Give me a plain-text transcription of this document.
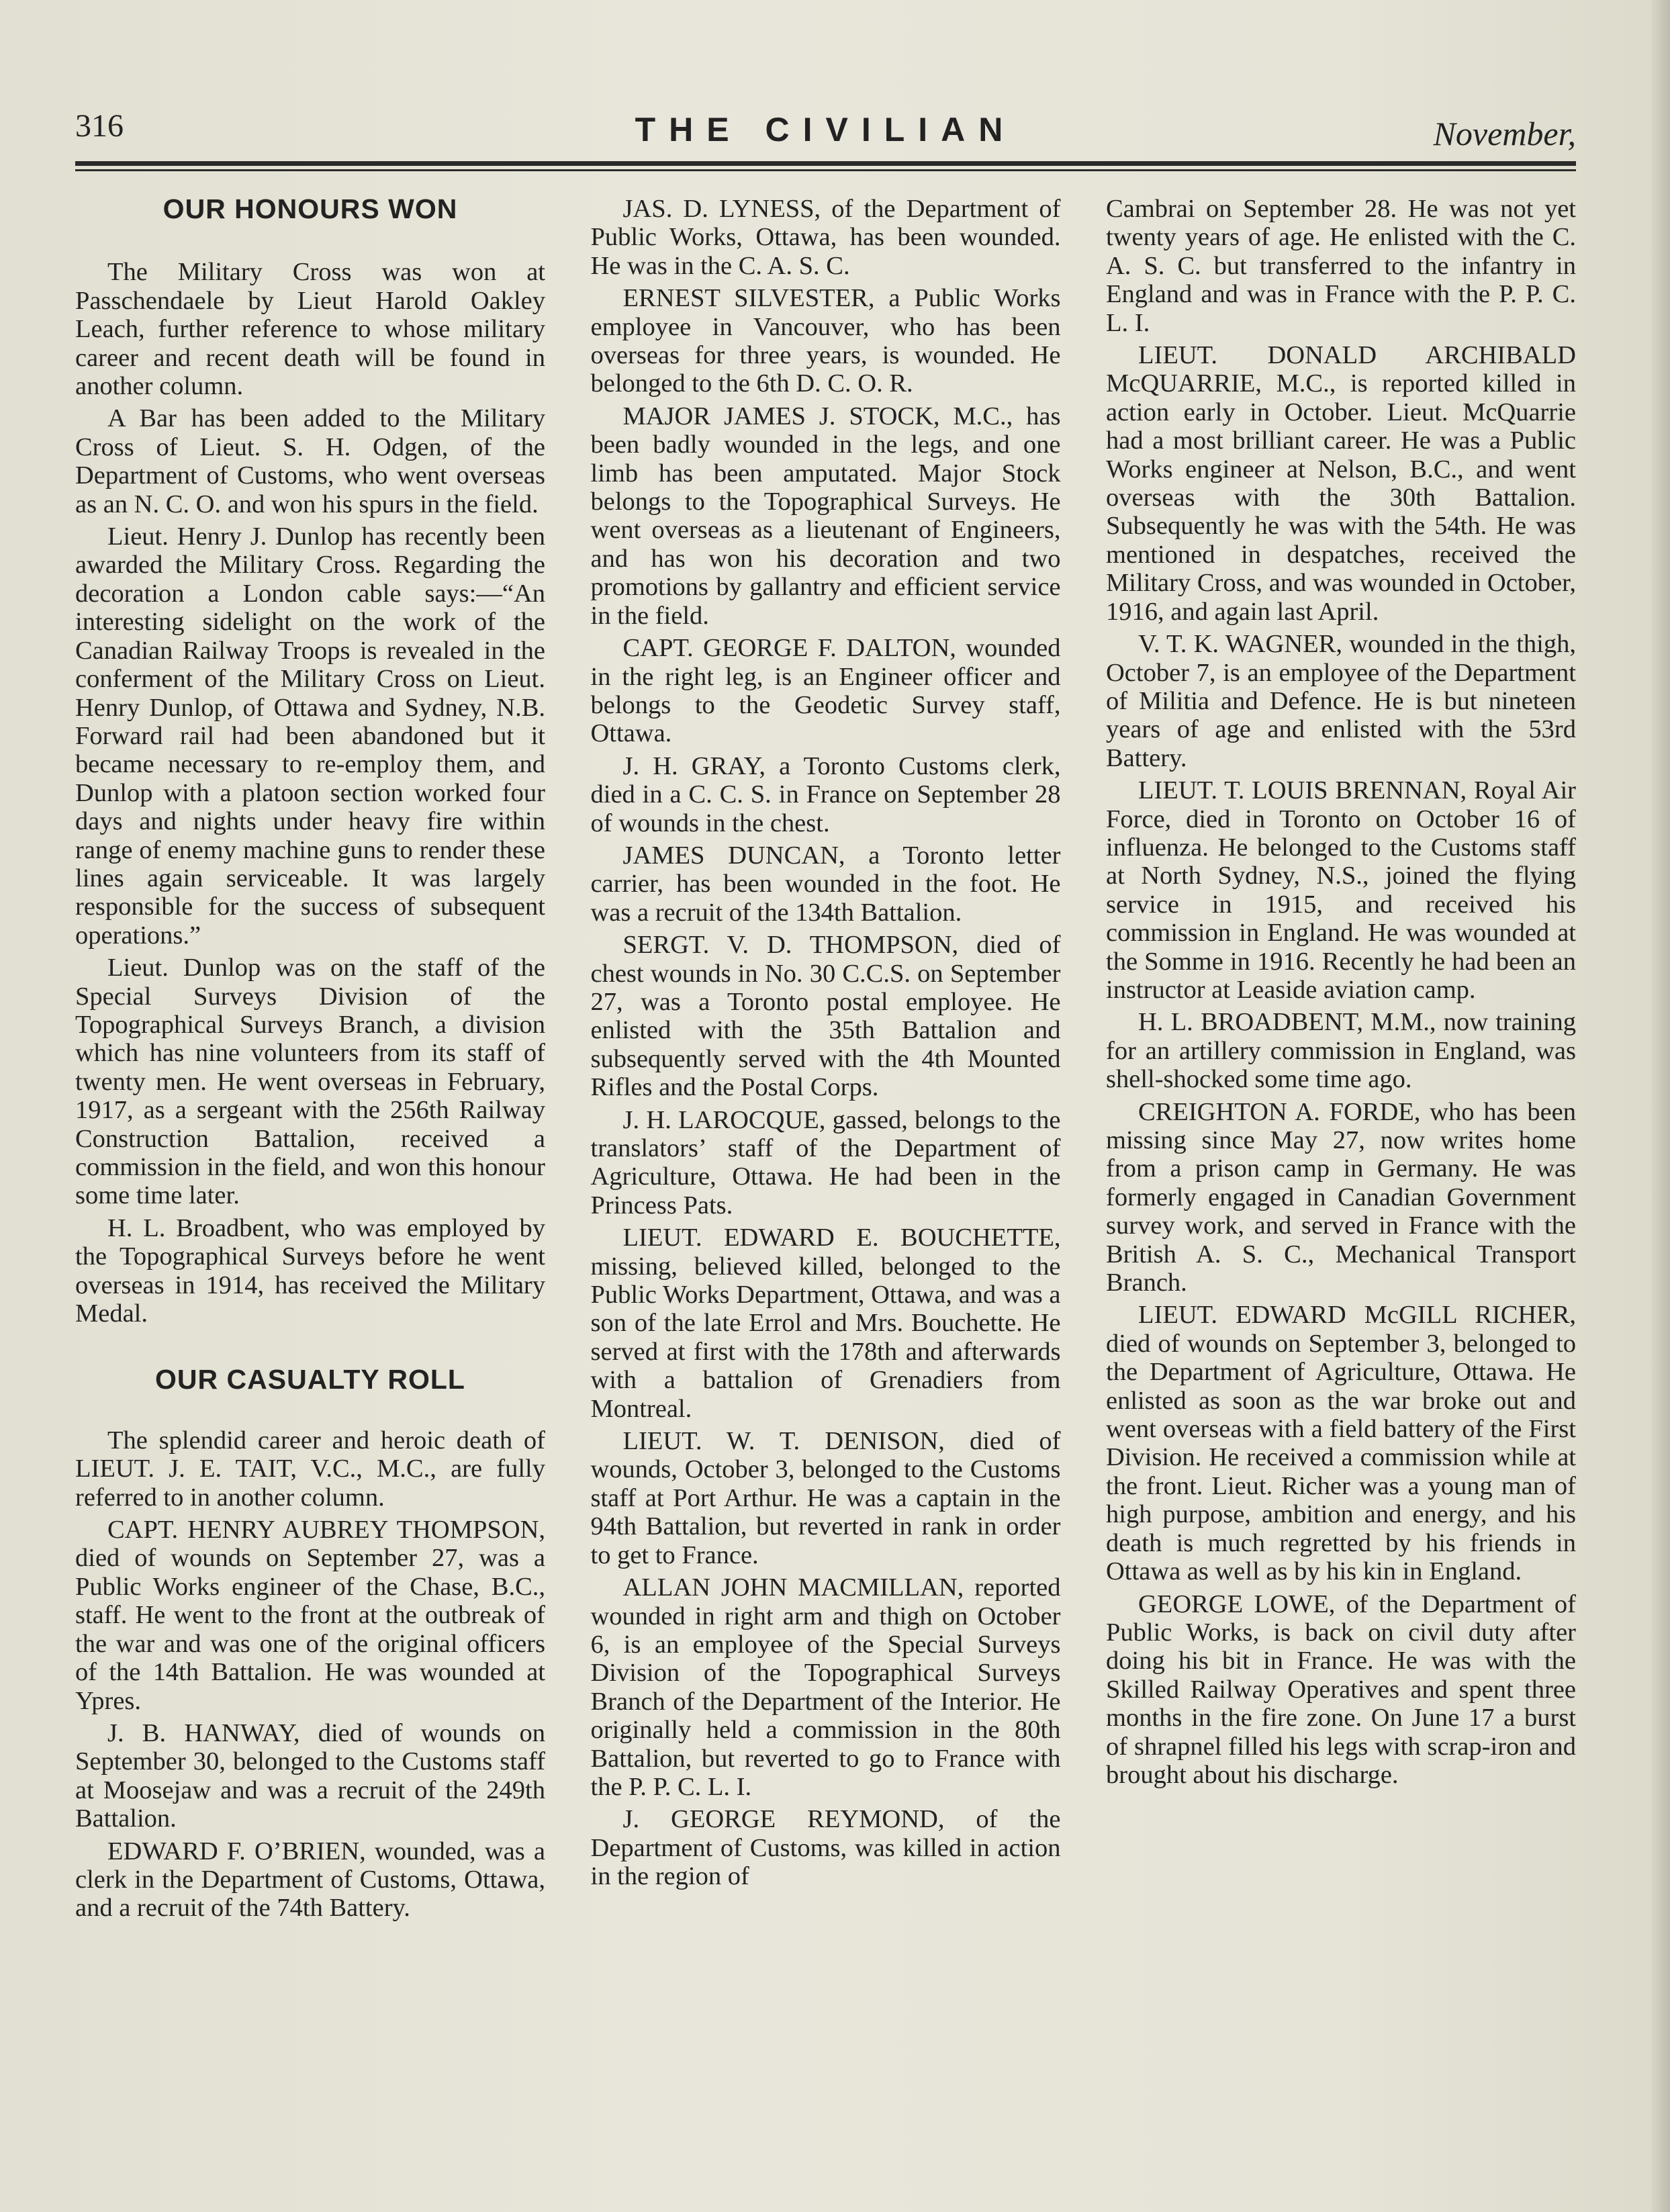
316	THE CIVILIAN	November,
OUR HONOURS WON

The Military Cross was won at Passchendaele by Lieut Harold Oakley Leach, further reference to whose military career and recent death will be found in another column.

A Bar has been added to the Military Cross of Lieut. S. H. Odgen, of the Department of Customs, who went overseas as an N. C. O. and won his spurs in the field.

Lieut. Henry J. Dunlop has recently been awarded the Military Cross. Regarding the decoration a London cable says:—“An interesting sidelight on the work of the Canadian Railway Troops is revealed in the conferment of the Military Cross on Lieut. Henry Dunlop, of Ottawa and Sydney, N.B. Forward rail had been abandoned but it became necessary to re-employ them, and Dunlop with a platoon section worked four days and nights under heavy fire within range of enemy machine guns to render these lines again serviceable. It was largely responsible for the success of subsequent operations.”

Lieut. Dunlop was on the staff of the Special Surveys Division of the Topographical Surveys Branch, a division which has nine volunteers from its staff of twenty men. He went overseas in February, 1917, as a sergeant with the 256th Railway Construction Battalion, received a commission in the field, and won this honour some time later.

H. L. Broadbent, who was employed by the Topographical Surveys before he went overseas in 1914, has received the Military Medal.

OUR CASUALTY ROLL

The splendid career and heroic death of LIEUT. J. E. TAIT, V.C., M.C., are fully referred to in another column.

CAPT. HENRY AUBREY THOMPSON, died of wounds on September 27, was a Public Works engineer of the Chase, B.C., staff. He went to the front at the outbreak of the war and was one of the original officers of the 14th Battalion. He was wounded at Ypres.

J. B. HANWAY, died of wounds on September 30, belonged to the Customs staff at Moosejaw and was a recruit of the 249th Battalion.

EDWARD F. O’BRIEN, wounded, was a clerk in the Department of Customs, Ottawa, and a recruit of the 74th Battery.

JAS. D. LYNESS, of the Department of Public Works, Ottawa, has been wounded. He was in the C. A. S. C.

ERNEST SILVESTER, a Public Works employee in Vancouver, who has been overseas for three years, is wounded. He belonged to the 6th D. C. O. R.

MAJOR JAMES J. STOCK, M.C., has been badly wounded in the legs, and one limb has been amputated. Major Stock belongs to the Topographical Surveys. He went overseas as a lieutenant of Engineers, and has won his decoration and two promotions by gallantry and efficient service in the field.

CAPT. GEORGE F. DALTON, wounded in the right leg, is an Engineer officer and belongs to the Geodetic Survey staff, Ottawa.

J. H. GRAY, a Toronto Customs clerk, died in a C. C. S. in France on September 28 of wounds in the chest.

JAMES DUNCAN, a Toronto letter carrier, has been wounded in the foot. He was a recruit of the 134th Battalion.

SERGT. V. D. THOMPSON, died of chest wounds in No. 30 C.C.S. on September 27, was a Toronto postal employee. He enlisted with the 35th Battalion and subsequently served with the 4th Mounted Rifles and the Postal Corps.

J. H. LAROCQUE, gassed, belongs to the translators’ staff of the Department of Agriculture, Ottawa. He had been in the Princess Pats.

LIEUT. EDWARD E. BOUCHETTE, missing, believed killed, belonged to the Public Works Department, Ottawa, and was a son of the late Errol and Mrs. Bouchette. He served at first with the 178th and afterwards with a battalion of Grenadiers from Montreal.

LIEUT. W. T. DENISON, died of wounds, October 3, belonged to the Customs staff at Port Arthur. He was a captain in the 94th Battalion, but reverted in rank in order to get to France.

ALLAN JOHN MACMILLAN, reported wounded in right arm and thigh on October 6, is an employee of the Special Surveys Division of the Topographical Surveys Branch of the Department of the Interior. He originally held a commission in the 80th Battalion, but reverted to go to France with the P. P. C. L. I.

J. GEORGE REYMOND, of the Department of Customs, was killed in action in the region of

Cambrai on September 28. He was not yet twenty years of age. He enlisted with the C. A. S. C. but transferred to the infantry in England and was in France with the P. P. C. L. I.

LIEUT. DONALD ARCHIBALD McQUARRIE, M.C., is reported killed in action early in October. Lieut. McQuarrie had a most brilliant career. He was a Public Works engineer at Nelson, B.C., and went overseas with the 30th Battalion. Subsequently he was with the 54th. He was mentioned in despatches, received the Military Cross, and was wounded in October, 1916, and again last April.

V. T. K. WAGNER, wounded in the thigh, October 7, is an employee of the Department of Militia and Defence. He is but nineteen years of age and enlisted with the 53rd Battery.

LIEUT. T. LOUIS BRENNAN, Royal Air Force, died in Toronto on October 16 of influenza. He belonged to the Customs staff at North Sydney, N.S., joined the flying service in 1915, and received his commission in England. He was wounded at the Somme in 1916. Recently he had been an instructor at Leaside aviation camp.

H. L. BROADBENT, M.M., now training for an artillery commission in England, was shell-shocked some time ago.

CREIGHTON A. FORDE, who has been missing since May 27, now writes home from a prison camp in Germany. He was formerly engaged in Canadian Government survey work, and served in France with the British A. S. C., Mechanical Transport Branch.

LIEUT. EDWARD McGILL RICHER, died of wounds on September 3, belonged to the Department of Agriculture, Ottawa. He enlisted as soon as the war broke out and went overseas with a field battery of the First Division. He received a commission while at the front. Lieut. Richer was a young man of high purpose, ambition and energy, and his death is much regretted by his friends in Ottawa as well as by his kin in England.

GEORGE LOWE, of the Department of Public Works, is back on civil duty after doing his bit in France. He was with the Skilled Railway Operatives and spent three months in the fire zone. On June 17 a burst of shrapnel filled his legs with scrap-iron and brought about his discharge.
